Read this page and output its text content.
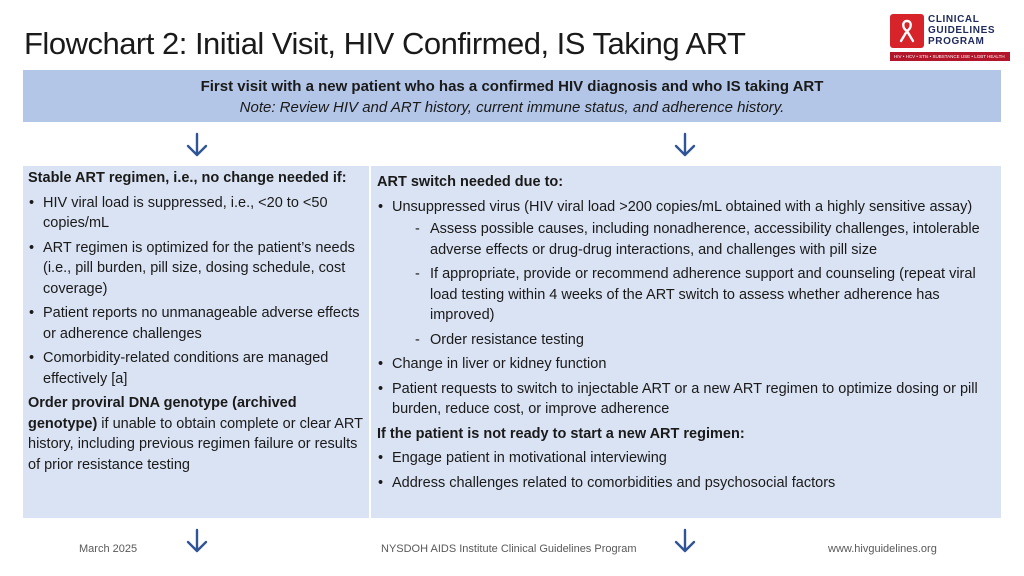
Flowchart 2: Initial Visit, HIV Confirmed, IS Taking ART
CLINICAL
GUIDELINES
PROGRAM
HIV • HCV • STIs • SUBSTANCE USE • LGBT HEALTH
First visit with a new patient who has a confirmed HIV diagnosis and who IS taking ART
Note: Review HIV and ART history, current immune status, and adherence history.
Stable ART regimen, i.e., no change needed if:
• HIV viral load is suppressed, i.e., <20 to <50 copies/mL
• ART regimen is optimized for the patient’s needs (i.e., pill burden, pill size, dosing schedule, cost coverage)
• Patient reports no unmanageable adverse effects or adherence challenges
• Comorbidity-related conditions are managed effectively [a]
Order proviral DNA genotype (archived genotype) if unable to obtain complete or clear ART history, including previous regimen failure or results of prior resistance testing
ART switch needed due to:
• Unsuppressed virus (HIV viral load >200 copies/mL obtained with a highly sensitive assay)
- Assess possible causes, including nonadherence, accessibility challenges, intolerable adverse effects or drug-drug interactions, and challenges with pill size
- If appropriate, provide or recommend adherence support and counseling (repeat viral load testing within 4 weeks of the ART switch to assess whether adherence has improved)
- Order resistance testing
• Change in liver or kidney function
• Patient requests to switch to injectable ART or a new ART regimen to optimize dosing or pill burden, reduce cost, or improve adherence
If the patient is not ready to start a new ART regimen:
• Engage patient in motivational interviewing
• Address challenges related to comorbidities and psychosocial factors
March 2025	NYSDOH AIDS Institute Clinical Guidelines Program	www.hivguidelines.org
